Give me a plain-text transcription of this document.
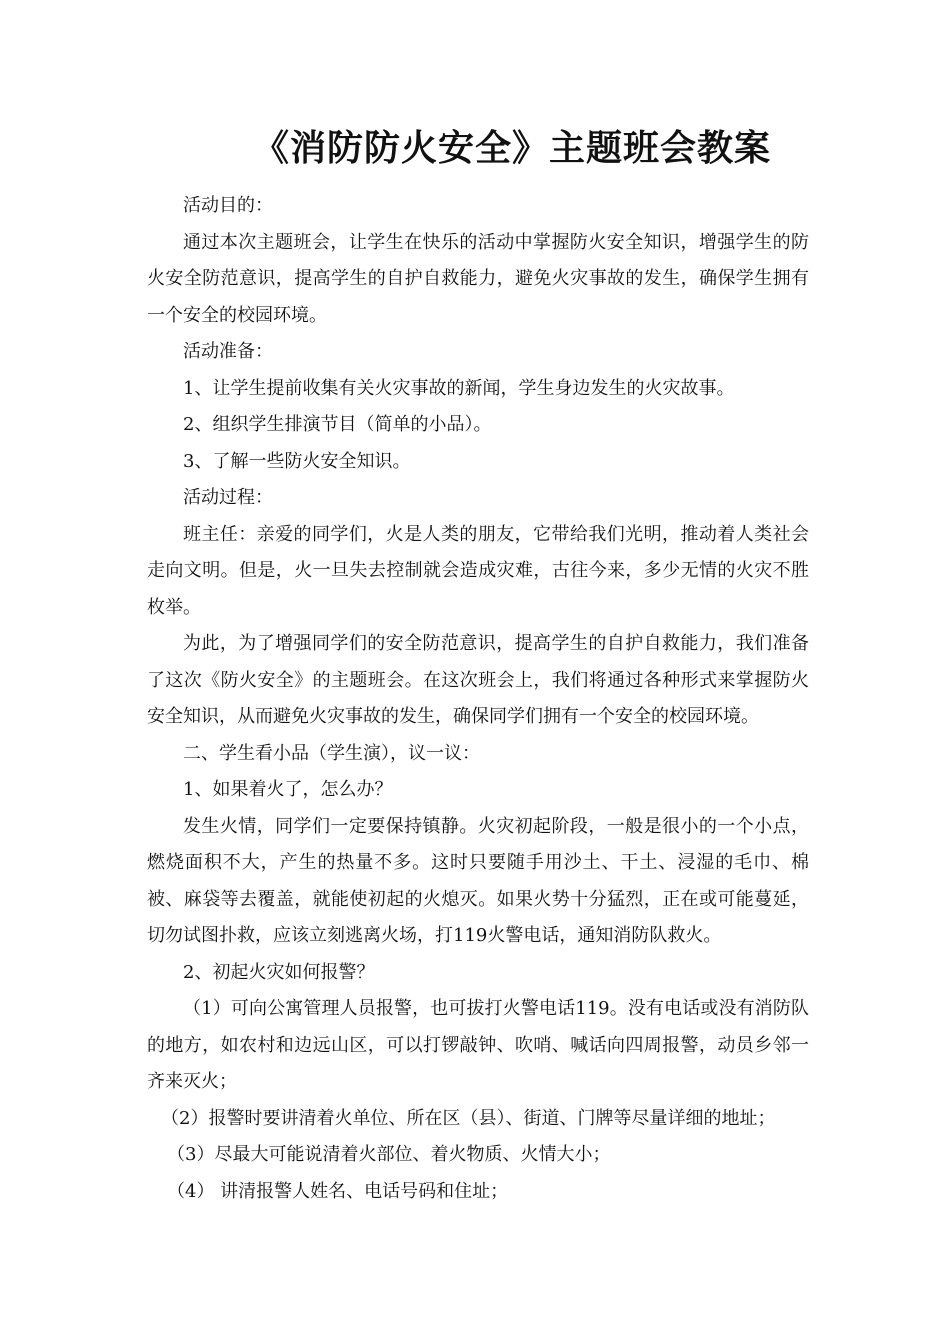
《消防防火安全》主题班会教案

活动目的：

通过本次主题班会，让学生在快乐的活动中掌握防火安全知识，增强学生的防火安全防范意识，提高学生的自护自救能力，避免火灾事故的发生，确保学生拥有一个安全的校园环境。

活动准备：

1、让学生提前收集有关火灾事故的新闻，学生身边发生的火灾故事。

2、组织学生排演节目（简单的小品）。

3、了解一些防火安全知识。

活动过程：

班主任：亲爱的同学们，火是人类的朋友，它带给我们光明，推动着人类社会走向文明。但是，火一旦失去控制就会造成灾难，古往今来，多少无情的火灾不胜枚举。

为此，为了增强同学们的安全防范意识，提高学生的自护自救能力，我们准备了这次《防火安全》的主题班会。在这次班会上，我们将通过各种形式来掌握防火安全知识，从而避免火灾事故的发生，确保同学们拥有一个安全的校园环境。

二、学生看小品（学生演），议一议：

1、如果着火了，怎么办？

发生火情，同学们一定要保持镇静。火灾初起阶段，一般是很小的一个小点，燃烧面积不大，产生的热量不多。这时只要随手用沙土、干土、浸湿的毛巾、棉被、麻袋等去覆盖，就能使初起的火熄灭。如果火势十分猛烈，正在或可能蔓延，切勿试图扑救，应该立刻逃离火场，打119火警电话，通知消防队救火。

2、初起火灾如何报警？

（1）可向公寓管理人员报警，也可拔打火警电话119。没有电话或没有消防队的地方，如农村和边远山区，可以打锣敲钟、吹哨、喊话向四周报警，动员乡邻一齐来灭火；

（2）报警时要讲清着火单位、所在区（县）、街道、门牌等尽量详细的地址；

（3）尽最大可能说清着火部位、着火物质、火情大小；

（4） 讲清报警人姓名、电话号码和住址；
